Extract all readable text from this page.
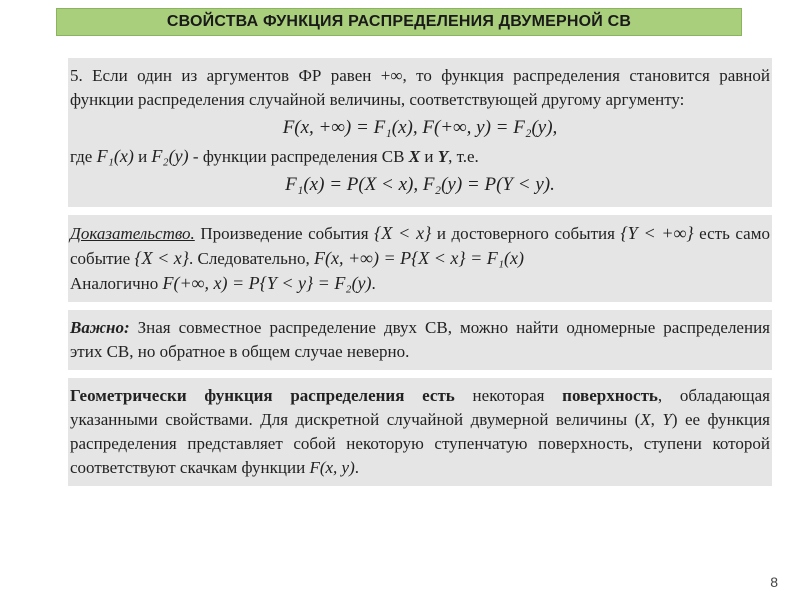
СВОЙСТВА ФУНКЦИЯ РАСПРЕДЕЛЕНИЯ ДВУМЕРНОЙ СВ

5. Если один из аргументов ФР равен +∞, то функция распределения становится равной функции распределения случайной величины, соответствующей другому аргументу:

F(x, +∞) = F₁(x), F(+∞, y) = F₂(y),

где F₁(x) и F₂(y) - функции распределения СВ X и Y, т.е.

F₁(x) = P(X < x), F₂(y) = P(Y < y).

Доказательство. Произведение события {X < x} и достоверного события {Y < +∞} есть само событие {X < x}. Следовательно, F(x, +∞) = P{X < x} = F₁(x)

Аналогично F(+∞, x) = P{Y < y} = F₂(y).

Важно: Зная совместное распределение двух СВ, можно найти одномерные распределения этих СВ, но обратное в общем случае неверно.

Геометрически функция распределения есть некоторая поверхность, обладающая указанными свойствами. Для дискретной случайной двумерной величины (X, Y) ее функция распределения представляет собой некоторую ступенчатую поверхность, ступени которой соответствуют скачкам функции F(x, y).

8
